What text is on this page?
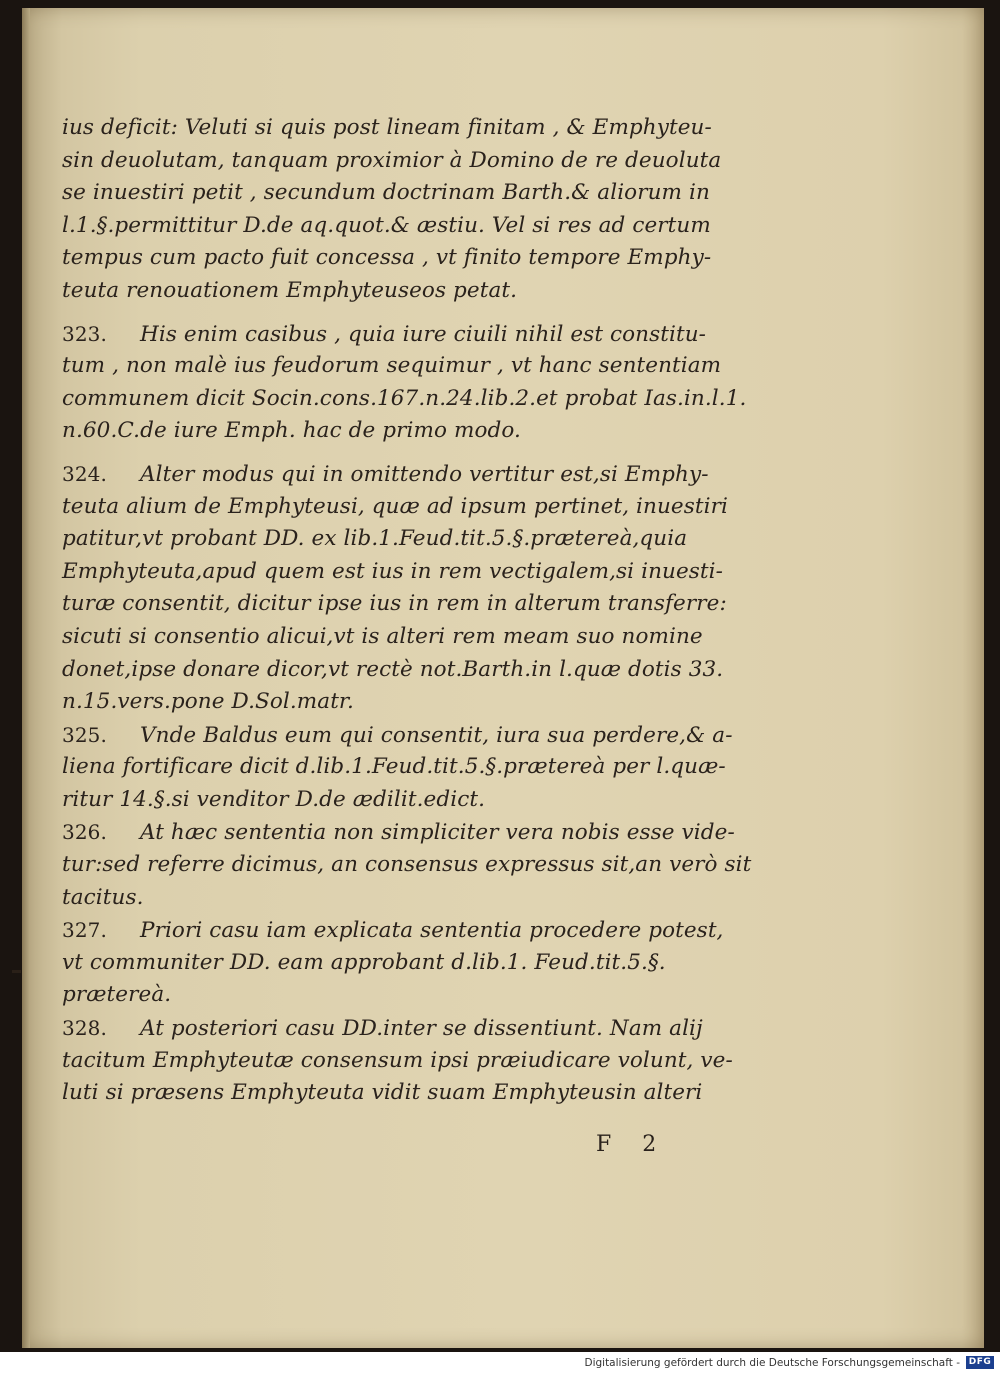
ius deficit: Veluti si quis post lineam finitam , & Emphyteu-
sin deuolutam, tanquam proximior à Domino de re deuoluta
se inuestiri petit , secundum doctrinam Barth.& aliorum in
l.1.§.permittitur D.de aq.quot.& æstiu. Vel si res ad certum
tempus cum pacto fuit concessa , vt finito tempore Emphy-
teuta renouationem Emphyteuseos petat.
323. His enim casibus , quia iure ciuili nihil est constitu-
tum , non malè ius feudorum sequimur , vt hanc sententiam
communem dicit Socin.cons.167.n.24.lib.2.et probat Ias.in.l.1.
n.60.C.de iure Emph. hac de primo modo.
324. Alter modus qui in omittendo vertitur est,si Emphy-
teuta alium de Emphyteusi, quæ ad ipsum pertinet, inuestiri
patitur,vt probant DD. ex lib.1.Feud.tit.5.§.prætereà,quia
Emphyteuta,apud quem est ius in rem vectigalem,si inuesti-
turæ consentit, dicitur ipse ius in rem in alterum transferre:
sicuti si consentio alicui,vt is alteri rem meam suo nomine
donet,ipse donare dicor,vt rectè not.Barth.in l.quæ dotis 33.
n.15.vers.pone D.Sol.matr.
325. Vnde Baldus eum qui consentit, iura sua perdere,& a-
liena fortificare dicit d.lib.1.Feud.tit.5.§.prætereà per l.quæ-
ritur 14.§.si venditor D.de ædilit.edict.
326. At hæc sententia non simpliciter vera nobis esse vide-
tur:sed referre dicimus, an consensus expressus sit,an verò sit
tacitus.
327. Priori casu iam explicata sententia procedere potest,
vt communiter DD. eam approbant d.lib.1. Feud.tit.5.§.
prætereà.
328. At posteriori casu DD.inter se dissentiunt. Nam alij
tacitum Emphyteutæ consensum ipsi præiudicare volunt, ve-
luti si præsens Emphyteuta vidit suam Emphyteusin alteri
F 2
Digitalisierung gefördert durch die Deutsche Forschungsgemeinschaft - DFG
